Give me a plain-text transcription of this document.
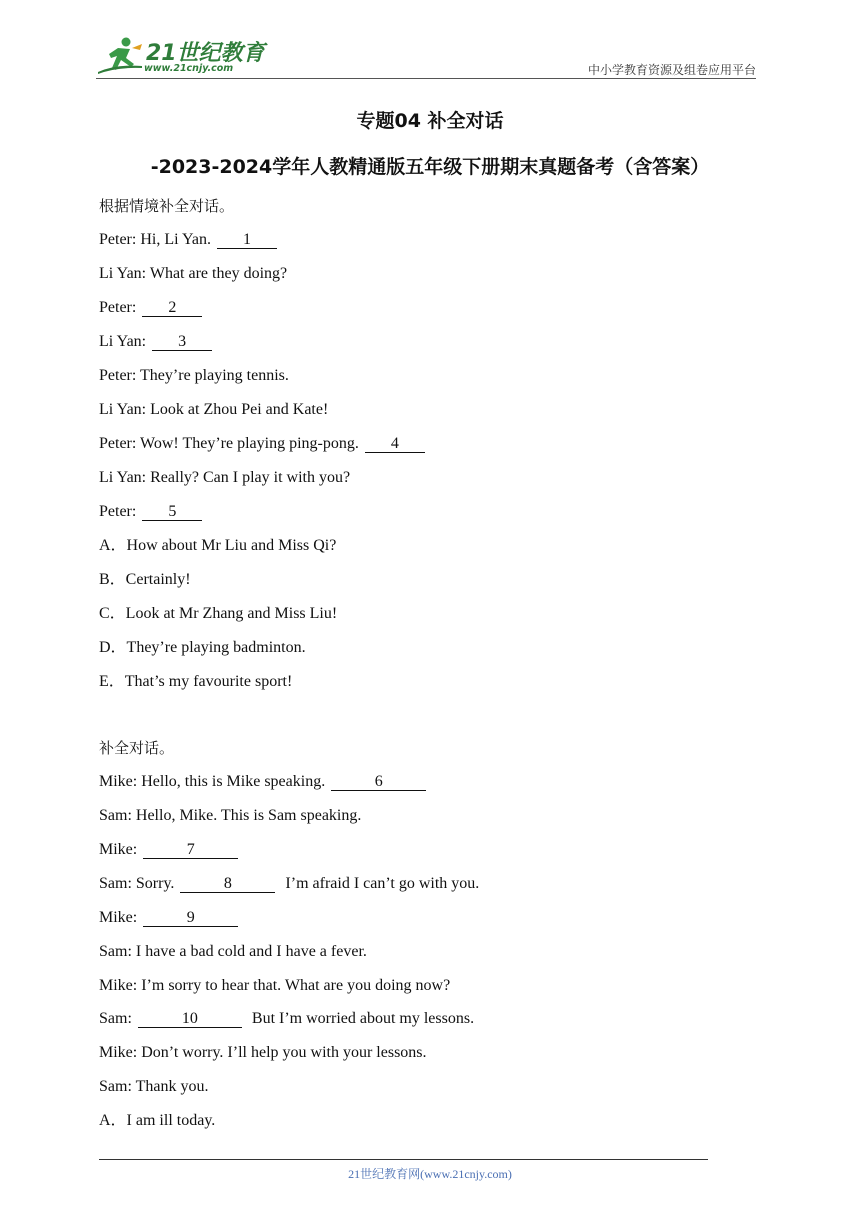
21世纪教育
www.21cnjy.com	中小学教育资源及组卷应用平台
专题04 补全对话
-2023-2024学年人教精通版五年级下册期末真题备考（含答案）
根据情境补全对话。
Peter: Hi, Li Yan. 1
Li Yan: What are they doing?
Peter: 2
Li Yan: 3
Peter: They’re playing tennis.
Li Yan: Look at Zhou Pei and Kate!
Peter: Wow! They’re playing ping-pong. 4
Li Yan: Really? Can I play it with you?
Peter: 5
A．How about Mr Liu and Miss Qi?
B．Certainly!
C．Look at Mr Zhang and Miss Liu!
D．They’re playing badminton.
E．That’s my favourite sport!
补全对话。
Mike: Hello, this is Mike speaking.	6
Sam: Hello, Mike. This is Sam speaking.
Mike:	7
Sam: Sorry.	8	I’m afraid I can’t go with you.
Mike:	9
Sam: I have a bad cold and I have a fever.
Mike: I’m sorry to hear that. What are you doing now?
Sam:	10	But I’m worried about my lessons.
Mike: Don’t worry. I’ll help you with your lessons.
Sam: Thank you.
A．I am ill today.
21世纪教育网(www.21cnjy.com)
